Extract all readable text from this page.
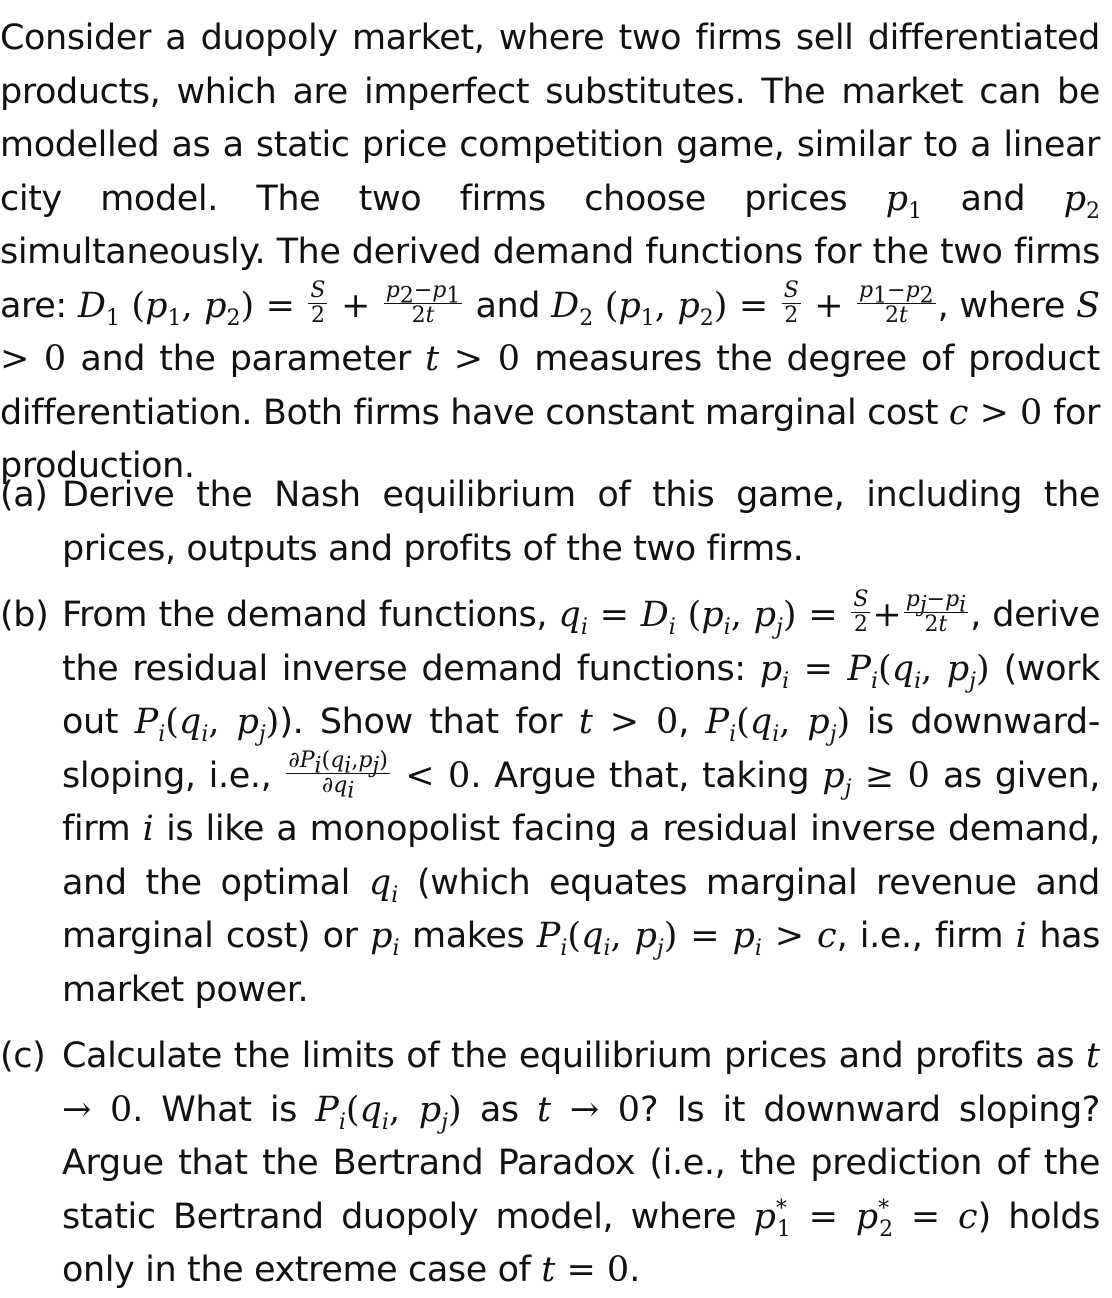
Consider a duopoly market, where two firms sell differentiated products, which are imperfect substitutes. The market can be modelled as a static price competition game, similar to a linear city model. The two firms choose prices $p_1$ and $p_2$ simultaneously. The derived demand functions for the two firms are: $D_1$ ($p_1$, $p_2) = \frac{S}{2} + \frac{p_2-p_1}{2t}$ and $D_2$ ($p_1$, $p_2) = \frac{S}{2} + \frac{p_1-p_2}{2t}$ , where S > 0 and the parameter t > 0 measures the degree of product differentiation. Both firms have constant marginal cost c > 0 for production.
(a) Derive the Nash equilibrium of this game, including the prices, outputs and profits of the two firms.
(b) From the demand functions, $q_i = D_i$ ($p_i$, $p_j) = \frac{S}{2} + \frac{p_j-p_i}{2t}$ , derive the residual inverse demand functions: $p_i = P_i(q_i$, $p_j$) (work out $P_i(q_i$, $p_j$)). Show that for t > 0, $P_i(q_i$, $p_j$) is downward-sloping, i.e., $\frac{\partial P_i(q_i,p_j)}{\partial q_i} < 0$. Argue that, taking $p_j \ge 0$ as given, firm i is like a monopolist facing a residual inverse demand, and the optimal $q_i$ (which equates marginal revenue and marginal cost) or $p_i$ makes $P_i(q_i$, $p_j) = p_i > c$, i.e., firm i has market power.
(c) Calculate the limits of the equilibrium prices and profits as t → 0. What is $P_i(q_i$, $p_j$) as t → 0? Is it downward sloping? Argue that the Bertrand Paradox (i.e., the prediction of the static Bertrand duopoly model, where $p^*_1 = p^*_2 = c$) holds only in the extreme case of t = 0.
